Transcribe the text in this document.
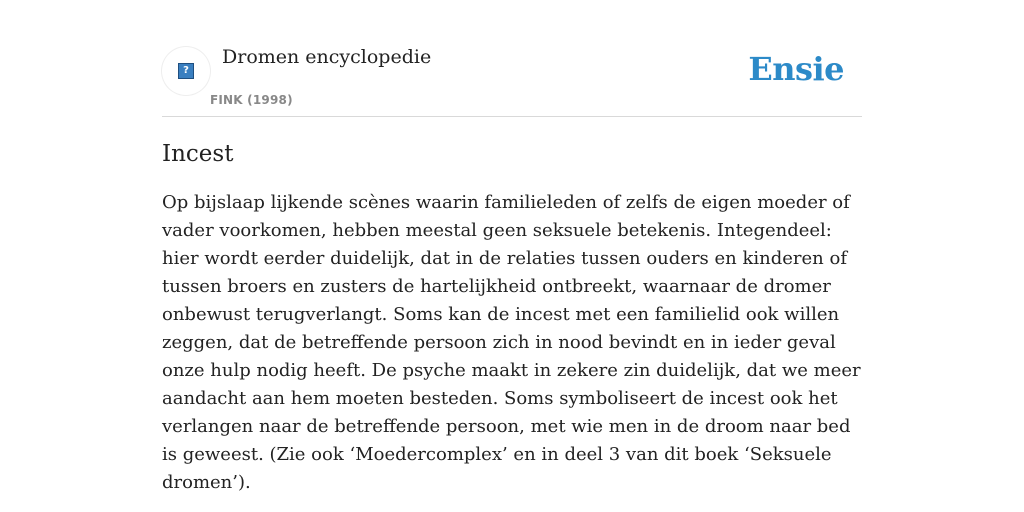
?
Dromen encyclopedie
FINK (1998)
Ensie
Incest

Op bijslaap lijkende scènes waarin familieleden of zelfs de eigen moeder of vader voorkomen, hebben meestal geen seksuele betekenis. Integendeel: hier wordt eerder duidelijk, dat in de relaties tussen ouders en kinderen of tussen broers en zusters de hartelijkheid ontbreekt, waarnaar de dromer onbewust terugverlangt. Soms kan de incest met een familielid ook willen zeggen, dat de betreffende persoon zich in nood bevindt en in ieder geval onze hulp nodig heeft. De psyche maakt in zekere zin duidelijk, dat we meer aandacht aan hem moeten besteden. Soms symboliseert de incest ook het verlangen naar de betreffende persoon, met wie men in de droom naar bed is geweest. (Zie ook ‘Moedercomplex’ en in deel 3 van dit boek ‘Seksuele dromen’).
